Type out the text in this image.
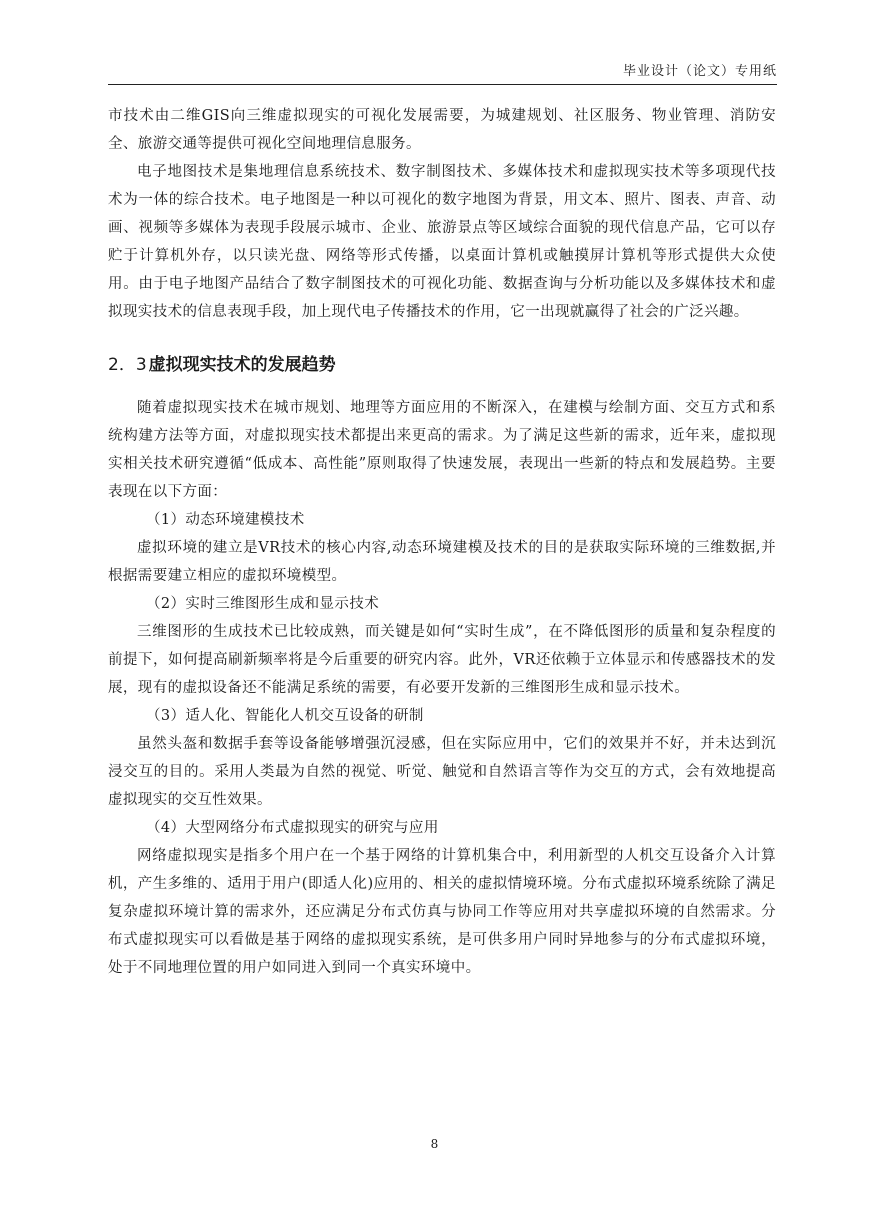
毕业设计（论文）专用纸

市技术由二维GIS向三维虚拟现实的可视化发展需要，为城建规划、社区服务、物业管理、消防安全、旅游交通等提供可视化空间地理信息服务。

电子地图技术是集地理信息系统技术、数字制图技术、多媒体技术和虚拟现实技术等多项现代技术为一体的综合技术。电子地图是一种以可视化的数字地图为背景，用文本、照片、图表、声音、动画、视频等多媒体为表现手段展示城市、企业、旅游景点等区域综合面貌的现代信息产品，它可以存贮于计算机外存，以只读光盘、网络等形式传播，以桌面计算机或触摸屏计算机等形式提供大众使用。由于电子地图产品结合了数字制图技术的可视化功能、数据查询与分析功能以及多媒体技术和虚拟现实技术的信息表现手段，加上现代电子传播技术的作用，它一出现就赢得了社会的广泛兴趣。

2．3 虚拟现实技术的发展趋势

随着虚拟现实技术在城市规划、地理等方面应用的不断深入，在建模与绘制方面、交互方式和系统构建方法等方面，对虚拟现实技术都提出来更高的需求。为了满足这些新的需求，近年来，虚拟现实相关技术研究遵循“低成本、高性能”原则取得了快速发展，表现出一些新的特点和发展趋势。主要表现在以下方面：

（1）动态环境建模技术

虚拟环境的建立是VR技术的核心内容,动态环境建模及技术的目的是获取实际环境的三维数据,并根据需要建立相应的虚拟环境模型。

（2）实时三维图形生成和显示技术

三维图形的生成技术已比较成熟，而关键是如何“实时生成”，在不降低图形的质量和复杂程度的前提下，如何提高刷新频率将是今后重要的研究内容。此外，VR还依赖于立体显示和传感器技术的发展，现有的虚拟设备还不能满足系统的需要，有必要开发新的三维图形生成和显示技术。

（3）适人化、智能化人机交互设备的研制

虽然头盔和数据手套等设备能够增强沉浸感，但在实际应用中，它们的效果并不好，并未达到沉浸交互的目的。采用人类最为自然的视觉、听觉、触觉和自然语言等作为交互的方式，会有效地提高虚拟现实的交互性效果。

（4）大型网络分布式虚拟现实的研究与应用

网络虚拟现实是指多个用户在一个基于网络的计算机集合中，利用新型的人机交互设备介入计算机，产生多维的、适用于用户(即适人化)应用的、相关的虚拟情境环境。分布式虚拟环境系统除了满足复杂虚拟环境计算的需求外，还应满足分布式仿真与协同工作等应用对共享虚拟环境的自然需求。分布式虚拟现实可以看做是基于网络的虚拟现实系统，是可供多用户同时异地参与的分布式虚拟环境，处于不同地理位置的用户如同进入到同一个真实环境中。

8
